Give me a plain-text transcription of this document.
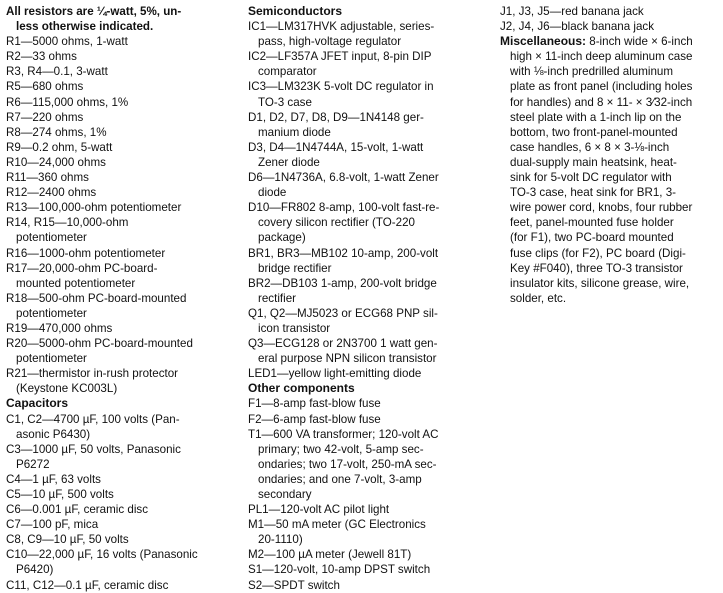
All resistors are ¼-watt, 5%, un-
less otherwise indicated.
R1—5000 ohms, 1-watt
R2—33 ohms
R3, R4—0.1, 3-watt
R5—680 ohms
R6—115,000 ohms, 1%
R7—220 ohms
R8—274 ohms, 1%
R9—0.2 ohm, 5-watt
R10—24,000 ohms
R11—360 ohms
R12—2400 ohms
R13—100,000-ohm potentiometer
R14, R15—10,000-ohm
potentiometer
R16—1000-ohm potentiometer
R17—20,000-ohm PC-board-
mounted potentiometer
R18—500-ohm PC-board-mounted
potentiometer
R19—470,000 ohms
R20—5000-ohm PC-board-mounted
potentiometer
R21—thermistor in-rush protector
(Keystone KC003L)
Capacitors
C1, C2—4700 µF, 100 volts (Pan-
asonic P6430)
C3—1000 µF, 50 volts, Panasonic
P6272
C4—1 µF, 63 volts
C5—10 µF, 500 volts
C6—0.001 µF, ceramic disc
C7—100 pF, mica
C8, C9—10 µF, 50 volts
C10—22,000 µF, 16 volts (Panasonic
P6420)
C11, C12—0.1 µF, ceramic disc
Semiconductors
IC1—LM317HVK adjustable, series-
pass, high-voltage regulator
IC2—LF357A JFET input, 8-pin DIP
comparator
IC3—LM323K 5-volt DC regulator in
TO-3 case
D1, D2, D7, D8, D9—1N4148 ger-
manium diode
D3, D4—1N4744A, 15-volt, 1-watt
Zener diode
D6—1N4736A, 6.8-volt, 1-watt Zener
diode
D10—FR802 8-amp, 100-volt fast-re-
covery silicon rectifier (TO-220
package)
BR1, BR3—MB102 10-amp, 200-volt
bridge rectifier
BR2—DB103 1-amp, 200-volt bridge
rectifier
Q1, Q2—MJ5023 or ECG68 PNP sil-
icon transistor
Q3—ECG128 or 2N3700 1 watt gen-
eral purpose NPN silicon transistor
LED1—yellow light-emitting diode
Other components
F1—8-amp fast-blow fuse
F2—6-amp fast-blow fuse
T1—600 VA transformer; 120-volt AC
primary; two 42-volt, 5-amp sec-
ondaries; two 17-volt, 250-mA sec-
ondaries; and one 7-volt, 3-amp
secondary
PL1—120-volt AC pilot light
M1—50 mA meter (GC Electronics
20-1110)
M2—100 µA meter (Jewell 81T)
S1—120-volt, 10-amp DPST switch
S2—SPDT switch
J1, J3, J5—red banana jack
J2, J4, J6—black banana jack
Miscellaneous: 8-inch wide × 6-inch
high × 11-inch deep aluminum case
with ⅛-inch predrilled aluminum
plate as front panel (including holes
for handles) and 8 × 11- × 3⁄32-inch
steel plate with a 1-inch lip on the
bottom, two front-panel-mounted
case handles, 6 × 8 × 3-⅛-inch
dual-supply main heatsink, heat-
sink for 5-volt DC regulator with
TO-3 case, heat sink for BR1, 3-
wire power cord, knobs, four rubber
feet, panel-mounted fuse holder
(for F1), two PC-board mounted
fuse clips (for F2), PC board (Digi-
Key #F040), three TO-3 transistor
insulator kits, silicone grease, wire,
solder, etc.
